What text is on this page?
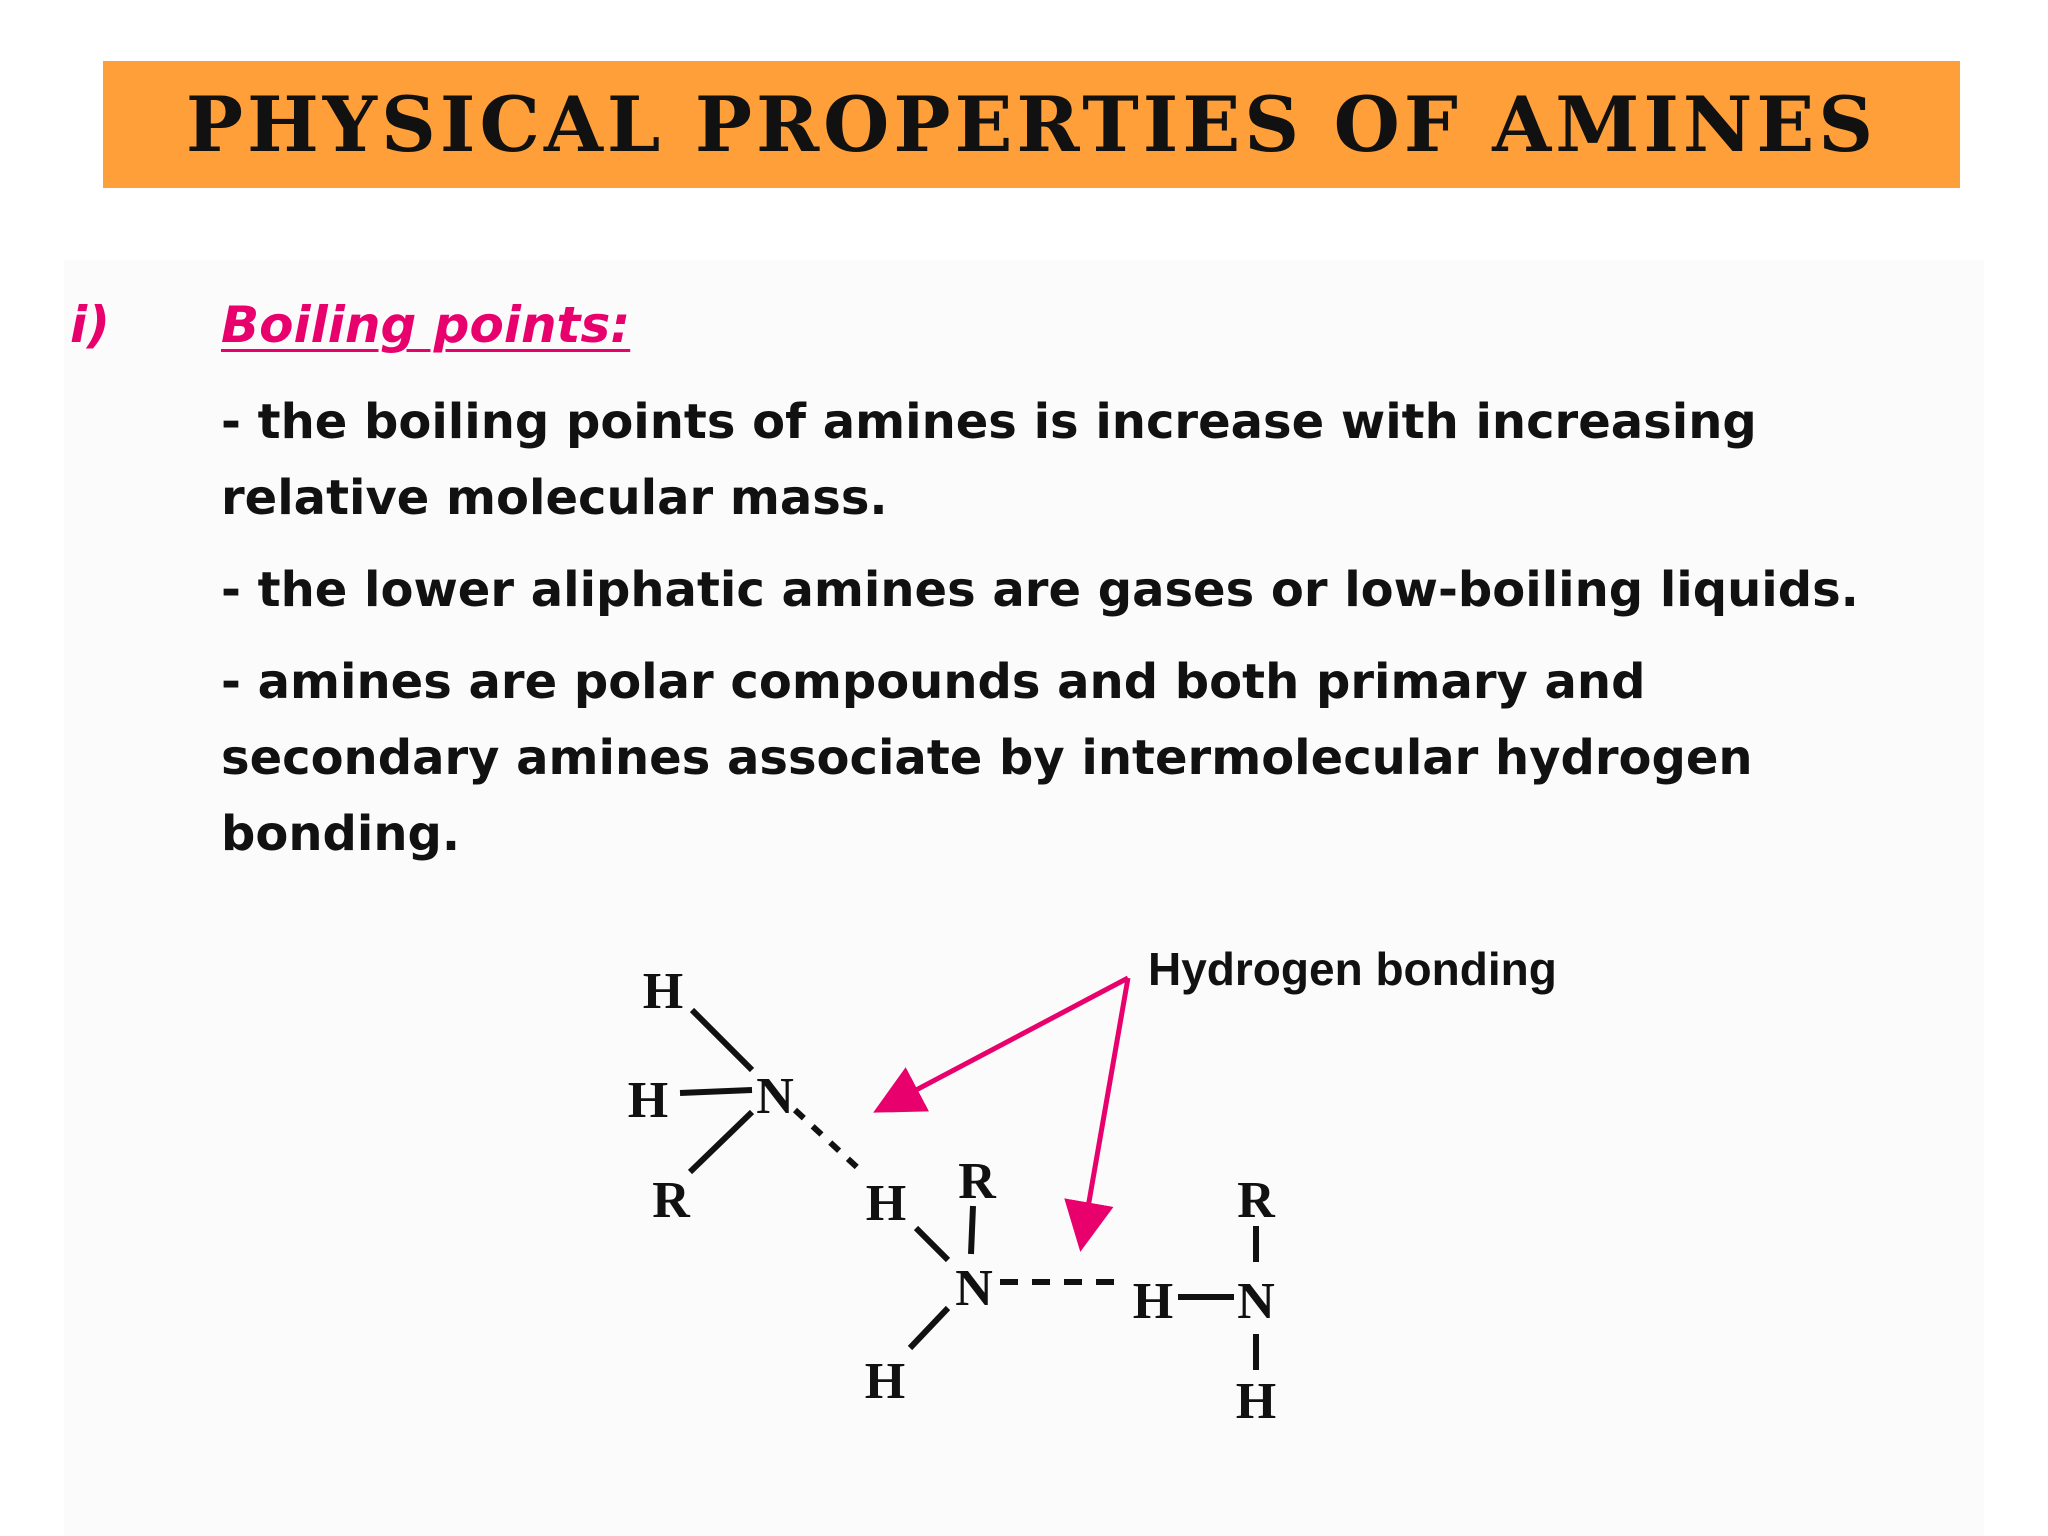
PHYSICAL PROPERTIES OF AMINES
i) Boiling points:

- the boiling points of amines is increase with increasing relative molecular mass.

- the lower aliphatic amines are gases or low-boiling liquids.

- amines are polar compounds and both primary and secondary amines associate by intermolecular hydrogen bonding.

Hydrogen bonding
H
H N
R	H R
N
H
R
H N
H
